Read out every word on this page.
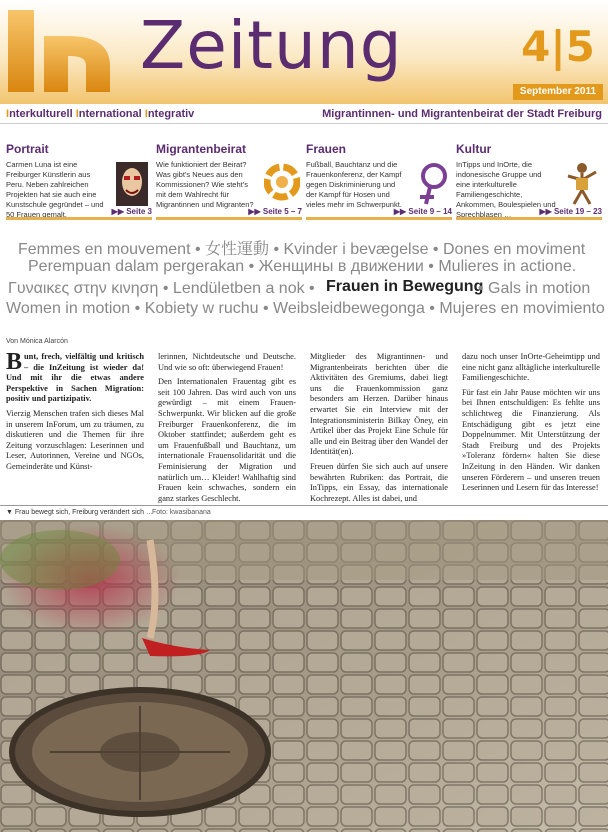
Zeitung	4|5
September 2011
Interkulturell International Integrativ	Migrantinnen- und Migrantenbeirat der Stadt Freiburg
Portrait

Carmen Luna ist eine Freiburger Künstlerin aus Peru. Neben zahlreichen Projekten hat sie auch eine Kunstschule gegründet – und 50 Frauen gemalt.	▶▶ Seite 3
Migrantenbeirat

Wie funktioniert der Beirat? Was gibt’s Neues aus den Kommissionen? Wie steht’s mit dem Wahlrecht für Migrantinnen und Migranten?

▶▶ Seite 5 – 7
Frauen

Fußball, Bauchtanz und die Frauenkonferenz, der Kampf gegen Diskriminierung und der Kampf für Hosen und vieles mehr im Schwerpunkt.

▶▶ Seite 9 – 14
Kultur

InTipps und InOrte, die indonesische Gruppe und eine interkulturelle Familiengeschichte, Ankommen, Boulespielen und Sprechblasen …	▶▶ Seite 19 – 23
Femmes en mouvement • 女性運動 • Kvinder i bevægelse • Dones en moviment
Perempuan dalam pergerakan • Женщины в движении • Mulieres in actione.
Γυναικες στην κινηση • Lendületben a nok • Frauen in Bewegung
• Gals in motion
Women in motion • Kobiety w ruchu • Weibsleidbewegonga • Mujeres en movimiento
Von Mónica Alarcón

Bunt, frech, vielfältig und kritisch – die InZeitung ist wieder da! Und mit ihr die etwas andere Perspektive in Sachen Migration: positiv und partizipativ.

Vierzig Menschen trafen sich dieses Mal in unserem InForum, um zu träumen, zu diskutieren und die Themen für ihre Zeitung vorzuschlagen: Leserinnen und Leser, Autorinnen, Vereine und NGOs, Gemeinderäte und Künst-

lerinnen, Nichtdeutsche und Deutsche. Und wie so oft: überwiegend Frauen!

Den Internationalen Frauentag gibt es seit 100 Jahren. Das wird auch von uns gewürdigt – mit einem Frauen-Schwerpunkt. Wir blicken auf die große Freiburger Frauenkonferenz, die im Oktober stattfindet; außerdem geht es um Frauenfußball und Bauchtanz, um internationale Frauensolidarität und die Feminisierung der Migration und natürlich um… Kleider! Wahlhaftig sind Frauen kein schwaches, sondern ein ganz starkes Geschlecht.

Mitglieder des Migrantinnen- und Migrantenbeirats berichten über die Aktivitäten des Gremiums, dabei liegt uns die Frauenkommission ganz besonders am Herzen. Darüber hinaus erwartet Sie ein Interview mit der Integrationsministerin Bilkay Öney, ein Artikel über das Projekt Eine Schule für alle und ein Beitrag über den Wandel der Identität(en).

Freuen dürfen Sie sich auch auf unsere bewährten Rubriken: das Portrait, die InTipps, ein Essay, das internationale Kochrezept. Alles ist dabei, und

dazu noch unser InOrte-Geheimtipp und eine nicht ganz alltägliche interkulturelle Familiengeschichte.

Für fast ein Jahr Pause möchten wir uns bei Ihnen entschuldigen: Es fehlte uns schlichtweg die Finanzierung. Als Entschädigung gibt es jetzt eine Doppelnummer. Mit Unterstützung der Stadt Freiburg und des Projekts »Toleranz fördern« halten Sie diese InZeitung in den Händen. Wir danken unseren Förderern – und unseren treuen Leserinnen und Lesern für das Interesse!

▼ Frau bewegt sich, Freiburg verändert sich … Foto: kwasibanana
